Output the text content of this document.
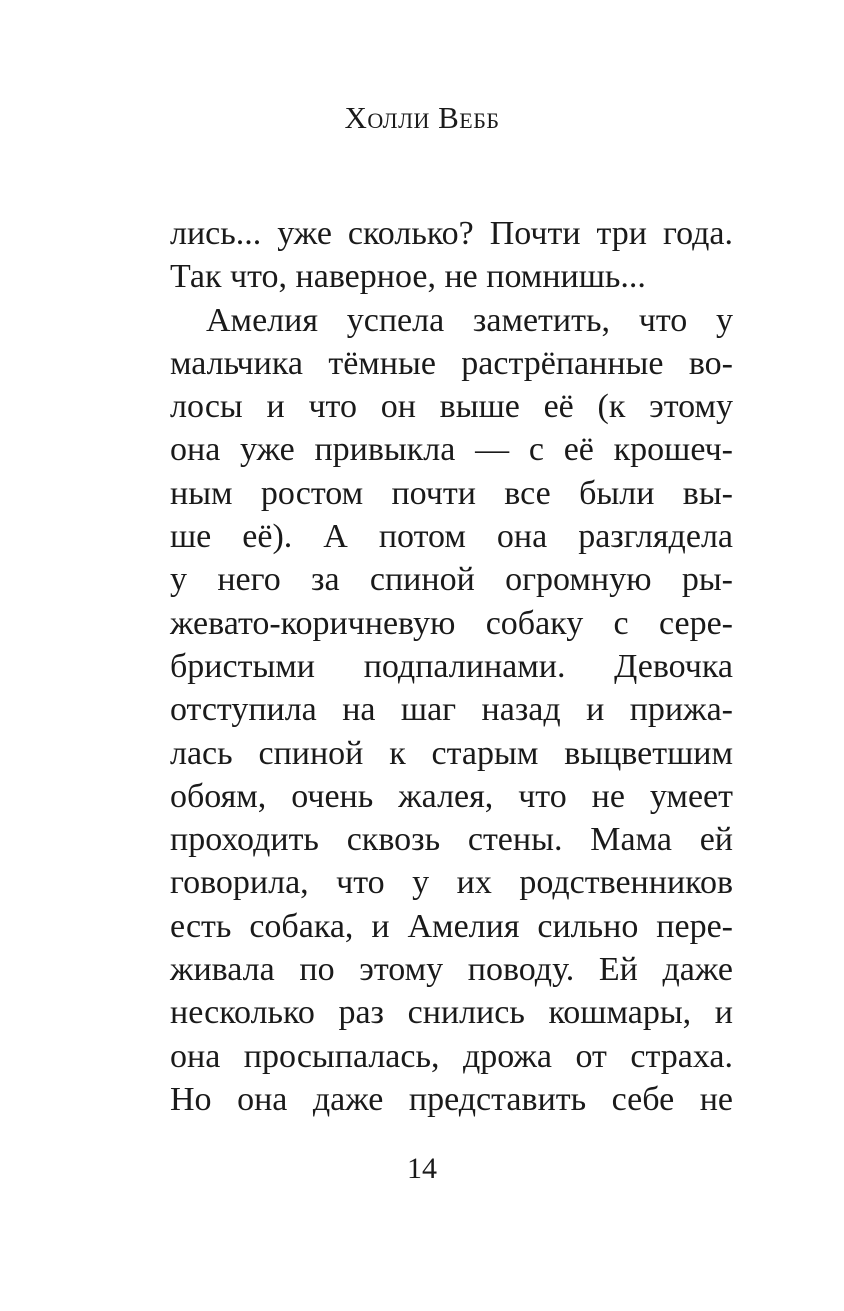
Холли Вебб
лись... уже сколько? Почти три года.
Так что, наверное, не помнишь...
Амелия успела заметить, что у
мальчика тёмные растрёпанные во-
лосы и что он выше её (к этому
она уже привыкла — с её крошеч-
ным ростом почти все были вы-
ше её). А потом она разглядела
у него за спиной огромную ры-
жевато-коричневую собаку с сере-
бристыми подпалинами. Девочка
отступила на шаг назад и прижа-
лась спиной к старым выцветшим
обоям, очень жалея, что не умеет
проходить сквозь стены. Мама ей
говорила, что у их родственников
есть собака, и Амелия сильно пере-
живала по этому поводу. Ей даже
несколько раз снились кошмары, и
она просыпалась, дрожа от страха.
Но она даже представить себе не
14
